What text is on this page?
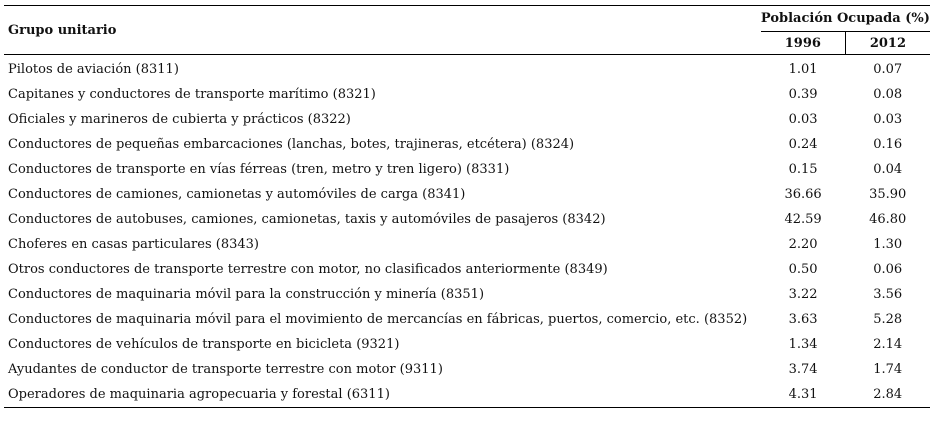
Grupo unitario	Población Ocupada (%)	
	1996	2012
Pilotos de aviación (8311)	1.01	0.07
Capitanes y conductores de transporte marítimo (8321)	0.39	0.08
Oficiales y marineros de cubierta y prácticos (8322)	0.03	0.03
Conductores de pequeñas embarcaciones (lanchas, botes, trajineras, etcétera) (8324)	0.24	0.16
Conductores de transporte en vías férreas (tren, metro y tren ligero) (8331)	0.15	0.04
Conductores de camiones, camionetas y automóviles de carga (8341)	36.66	35.90
Conductores de autobuses, camiones, camionetas, taxis y automóviles de pasajeros (8342)	42.59	46.80
Choferes en casas particulares (8343)	2.20	1.30
Otros conductores de transporte terrestre con motor, no clasificados anteriormente (8349)	0.50	0.06
Conductores de maquinaria móvil para la construcción y minería (8351)	3.22	3.56
Conductores de maquinaria móvil para el movimiento de mercancías en fábricas, puertos, comercio, etc. (8352)	3.63	5.28
Conductores de vehículos de transporte en bicicleta (9321)	1.34	2.14
Ayudantes de conductor de transporte terrestre con motor (9311)	3.74	1.74
Operadores de maquinaria agropecuaria y forestal (6311)	4.31	2.84
